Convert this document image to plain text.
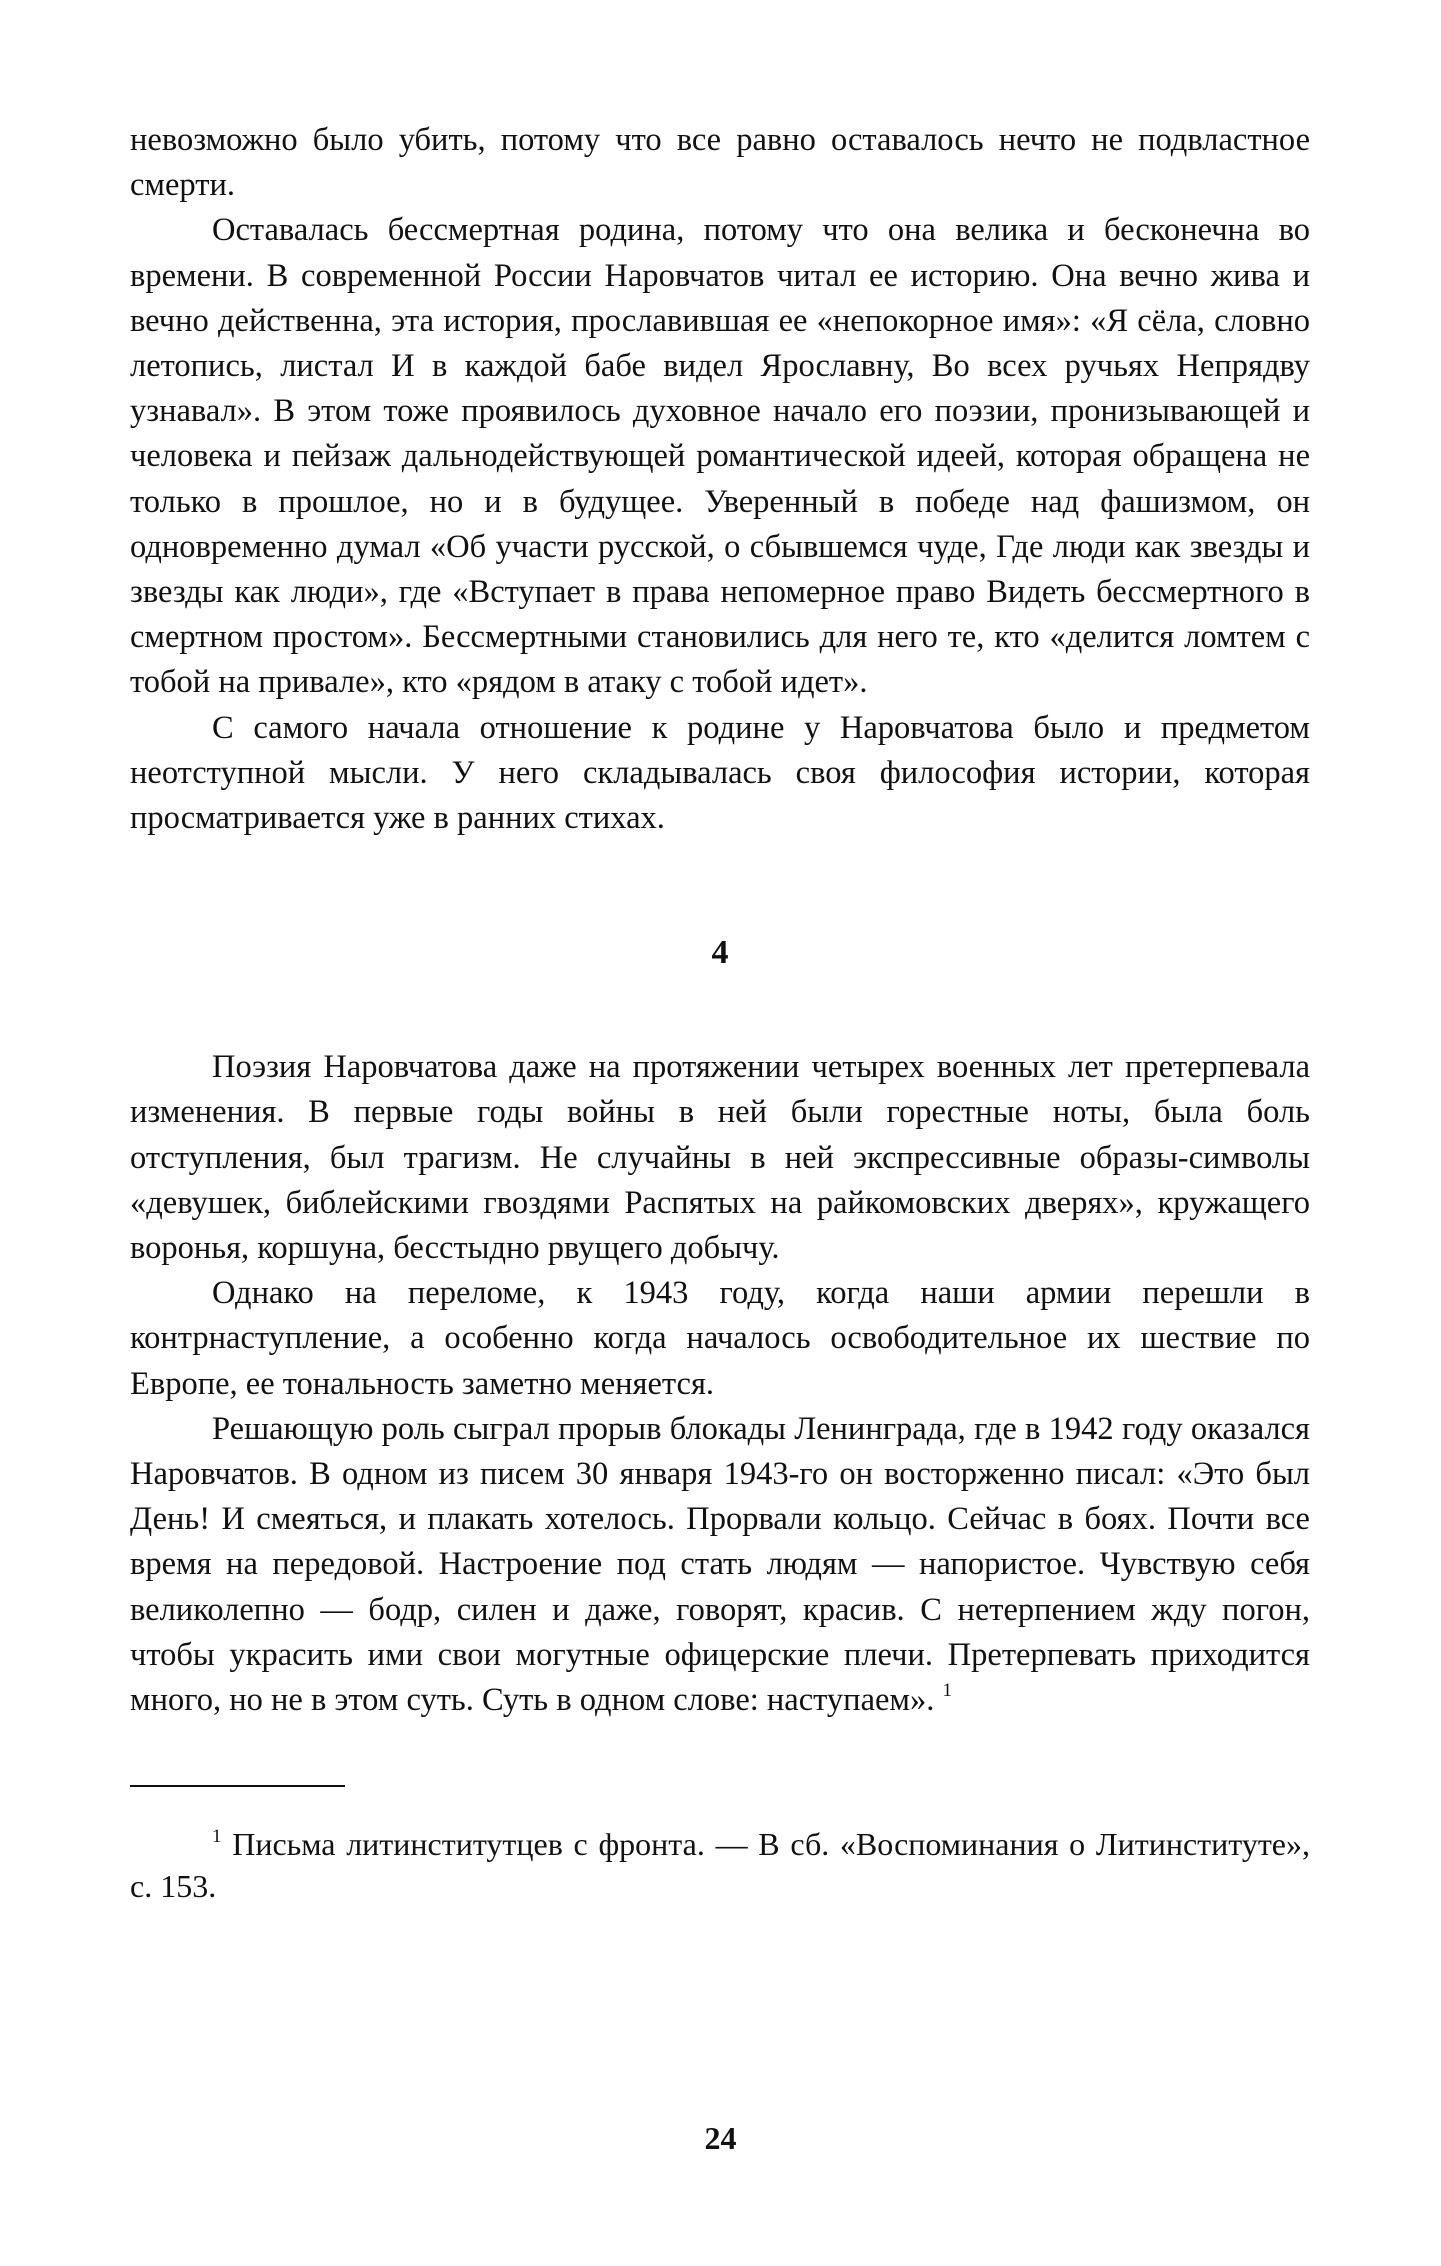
невозможно было убить, потому что все равно оставалось нечто не подвластное смерти.

Оставалась бессмертная родина, потому что она велика и бесконечна во времени. В современной России Наровчатов читал ее историю. Она вечно жива и вечно действенна, эта история, прославившая ее «непокорное имя»: «Я сёла, словно летопись, листал И в каждой бабе видел Ярославну, Во всех ручьях Непрядву узнавал». В этом тоже проявилось духовное начало его поэзии, пронизывающей и человека и пейзаж дальнодействующей романтической идеей, которая обращена не только в прошлое, но и в будущее. Уверенный в победе над фашизмом, он одновременно думал «Об участи русской, о сбывшемся чуде, Где люди как звезды и звезды как люди», где «Вступает в права непомерное право Видеть бессмертного в смертном простом». Бессмертными становились для него те, кто «делится ломтем с тобой на привале», кто «рядом в атаку с тобой идет».

С самого начала отношение к родине у Наровчатова было и предметом неотступной мысли. У него складывалась своя философия истории, которая просматривается уже в ранних стихах.

4

Поэзия Наровчатова даже на протяжении четырех военных лет претерпевала изменения. В первые годы войны в ней были горестные ноты, была боль отступления, был трагизм. Не случайны в ней экспрессивные образы-символы «девушек, библейскими гвоздями Распятых на райкомовских дверях», кружащего воронья, коршуна, бесстыдно рвущего добычу.

Однако на переломе, к 1943 году, когда наши армии перешли в контрнаступление, а особенно когда началось освободительное их шествие по Европе, ее тональность заметно меняется.

Решающую роль сыграл прорыв блокады Ленинграда, где в 1942 году оказался Наровчатов. В одном из писем 30 января 1943-го он восторженно писал: «Это был День! И смеяться, и плакать хотелось. Прорвали кольцо. Сейчас в боях. Почти все время на передовой. Настроение под стать людям — напористое. Чувствую себя великолепно — бодр, силен и даже, говорят, красив. С нетерпением жду погон, чтобы украсить ими свои могутные офицерские плечи. Претерпевать приходится много, но не в этом суть. Суть в одном слове: наступаем». $^1$

$^1$ Письма литинститутцев с фронта. — В сб. «Воспоминания о Литинституте», с. 153.

24
